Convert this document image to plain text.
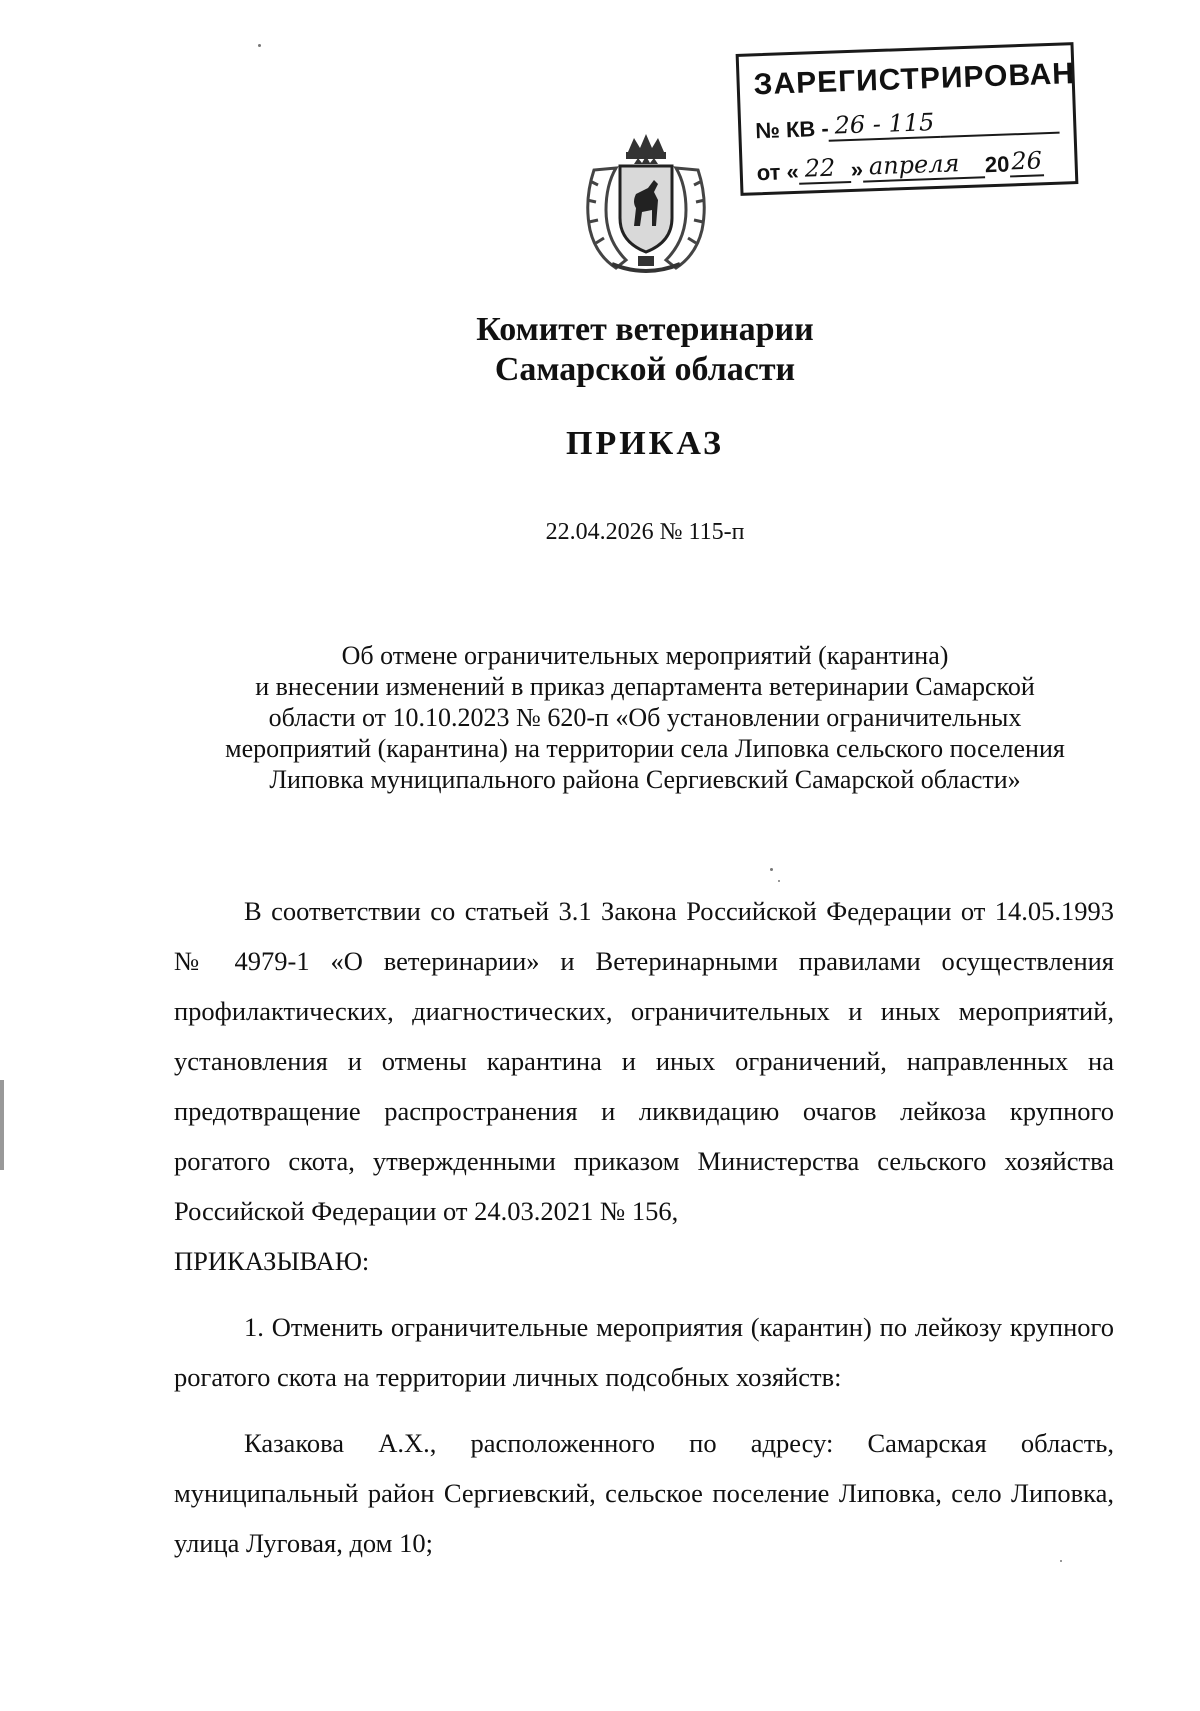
ЗАРЕГИСТРИРОВАН
№ КВ - 26 - 115
от « 22 » апреля	20 26
Комитет ветеринарии
Самарской области
ПРИКАЗ
22.04.2026 № 115-п
Об отмене ограничительных мероприятий (карантина)
и внесении изменений в приказ департамента ветеринарии Самарской
области от 10.10.2023 № 620-п «Об установлении ограничительных
мероприятий (карантина) на территории села Липовка сельского поселения
Липовка муниципального района Сергиевский Самарской области»

В соответствии со статьей 3.1 Закона Российской Федерации от 14.05.1993 № 4979-1 «О ветеринарии» и Ветеринарными правилами осуществления профилактических, диагностических, ограничительных и иных мероприятий, установления и отмены карантина и иных ограничений, направленных на предотвращение распространения и ликвидацию очагов лейкоза крупного рогатого скота, утвержденными приказом Министерства сельского хозяйства Российской Федерации от 24.03.2021 № 156,

ПРИКАЗЫВАЮ:

1. Отменить ограничительные мероприятия (карантин) по лейкозу крупного рогатого скота на территории личных подсобных хозяйств:

Казакова А.Х., расположенного по адресу: Самарская область, муниципальный район Сергиевский, сельское поселение Липовка, село Липовка, улица Луговая, дом 10;
